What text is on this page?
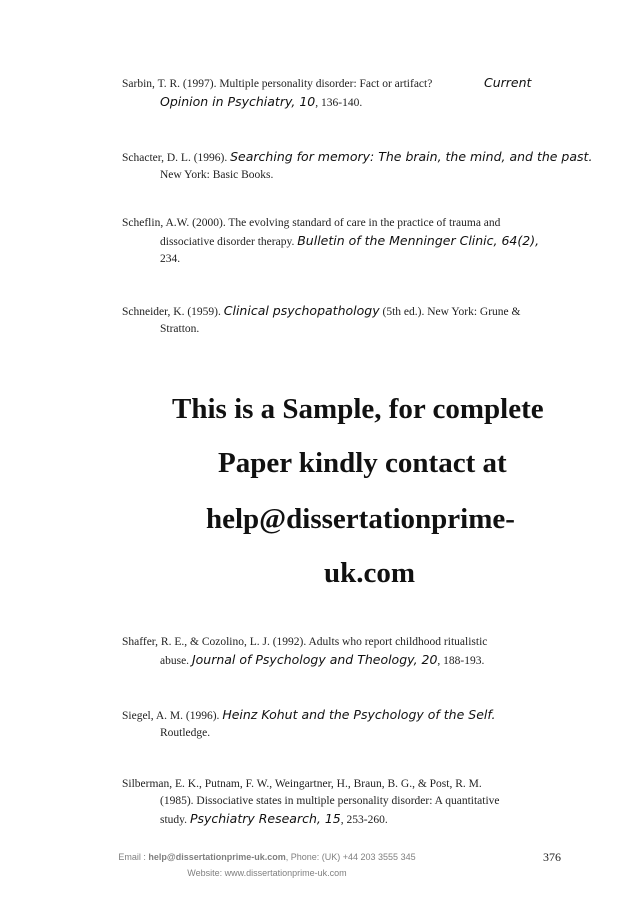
Sarbin, T. R. (1997). Multiple personality disorder: Fact or artifact?	Current
Opinion in Psychiatry, 10, 136-140.
Schacter, D. L. (1996). Searching for memory: The brain, the mind, and the past.
New York: Basic Books.
Scheflin, A.W. (2000). The evolving standard of care in the practice of trauma and
dissociative disorder therapy. Bulletin of the Menninger Clinic, 64(2),
234.
Schneider, K. (1959). Clinical psychopathology (5th ed.). New York: Grune &
Stratton.
This is a Sample, for complete
Paper kindly contact at
help@dissertationprime-
uk.com
Shaffer, R. E., & Cozolino, L. J. (1992). Adults who report childhood ritualistic
abuse. Journal of Psychology and Theology, 20, 188-193.
Siegel, A. M. (1996). Heinz Kohut and the Psychology of the Self.
Routledge.
Silberman, E. K., Putnam, F. W., Weingartner, H., Braun, B. G., & Post, R. M.
(1985). Dissociative states in multiple personality disorder: A quantitative
study. Psychiatry Research, 15, 253-260.
Email : help@dissertationprime-uk.com, Phone: (UK) +44 203 3555 345
Website: www.dissertationprime-uk.com
376
